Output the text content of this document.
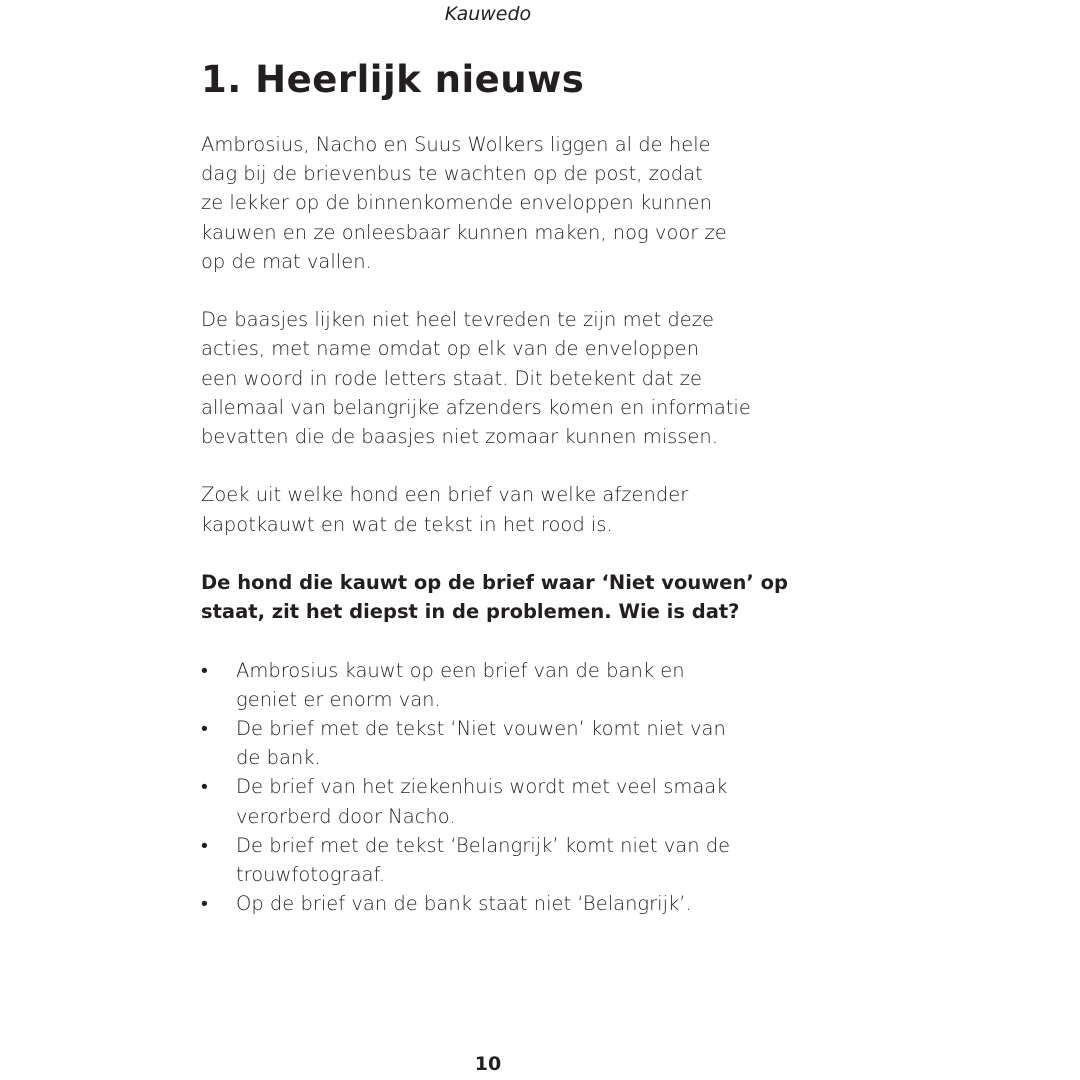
Kauwedo
1. Heerlijk nieuws

Ambrosius, Nacho en Suus Wolkers liggen al de hele
dag bij de brievenbus te wachten op de post, zodat
ze lekker op de binnenkomende enveloppen kunnen
kauwen en ze onleesbaar kunnen maken, nog voor ze
op de mat vallen.

De baasjes lijken niet heel tevreden te zijn met deze
acties, met name omdat op elk van de enveloppen
een woord in rode letters staat. Dit betekent dat ze
allemaal van belangrijke afzenders komen en informatie
bevatten die de baasjes niet zomaar kunnen missen.

Zoek uit welke hond een brief van welke afzender
kapotkauwt en wat de tekst in het rood is.

De hond die kauwt op de brief waar ‘Niet vouwen’ op
staat, zit het diepst in de problemen. Wie is dat?

• Ambrosius kauwt op een brief van de bank en
geniet er enorm van.
• De brief met de tekst ‘Niet vouwen’ komt niet van
de bank.
• De brief van het ziekenhuis wordt met veel smaak
verorberd door Nacho.
• De brief met de tekst ‘Belangrijk’ komt niet van de
trouwfotograaf.
• Op de brief van de bank staat niet ‘Belangrijk’.
10
